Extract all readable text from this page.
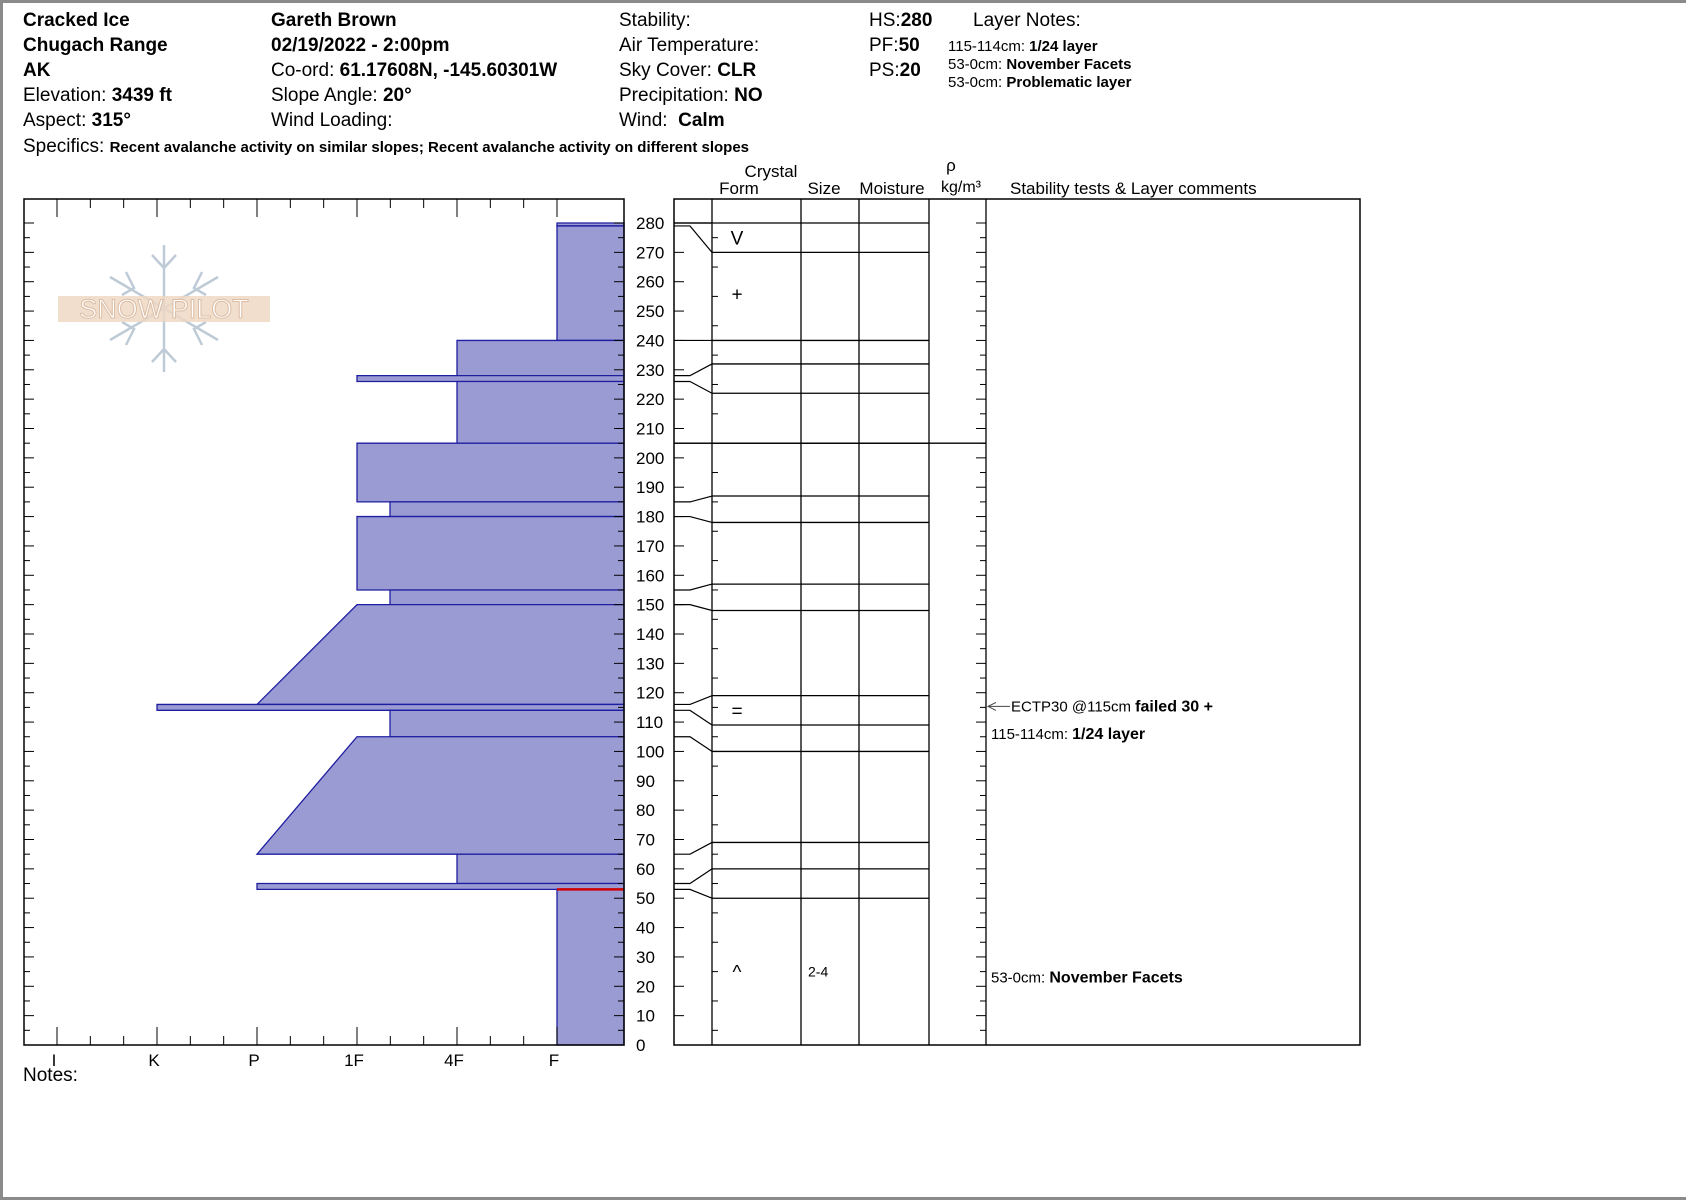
Cracked Ice
Chugach Range
AK
Elevation: 3439 ft
Aspect: 315°
Gareth Brown
02/19/2022 - 2:00pm
Co-ord: 61.17608N, -145.60301W
Slope Angle: 20°
Wind Loading:
Stability:
Air Temperature:
Sky Cover: CLR
Precipitation: NO
Wind: Calm
HS:280
PF:50
PS:20
Layer Notes:
115-114cm: 1/24 layer
53-0cm: November Facets
53-0cm: Problematic layer
Specifics: Recent avalanche activity on similar slopes; Recent avalanche activity on different slopes
Notes:
Crystal
Form	Size Moisture
ρ
kg/m³ Stability tests & Layer comments
SNOW PILOT
F
4F
1F
P
K
I
0
10
20
30
40
50
60
70
80
90
100
110
120
130
140
150
160
170
180
190
200
210
220
230
240
250
260
270
280
V
+
=
^	2-4
ECTP30 @115cm failed 30 +
115-114cm: 1/24 layer
53-0cm: November Facets
